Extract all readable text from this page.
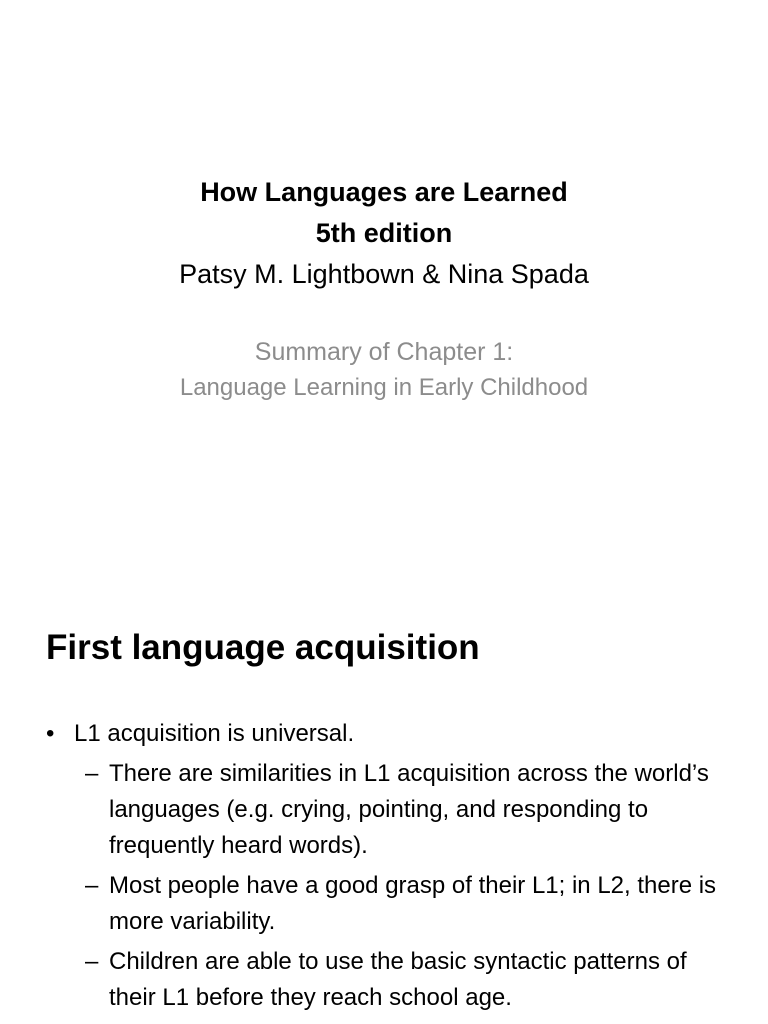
How Languages are Learned
5th edition
Patsy M. Lightbown & Nina Spada
Summary of Chapter 1:
Language Learning in Early Childhood
First language acquisition
• L1 acquisition is universal.
– There are similarities in L1 acquisition across the world’s languages (e.g. crying, pointing, and responding to frequently heard words).
– Most people have a good grasp of their L1; in L2, there is more variability.
– Children are able to use the basic syntactic patterns of their L1 before they reach school age.
